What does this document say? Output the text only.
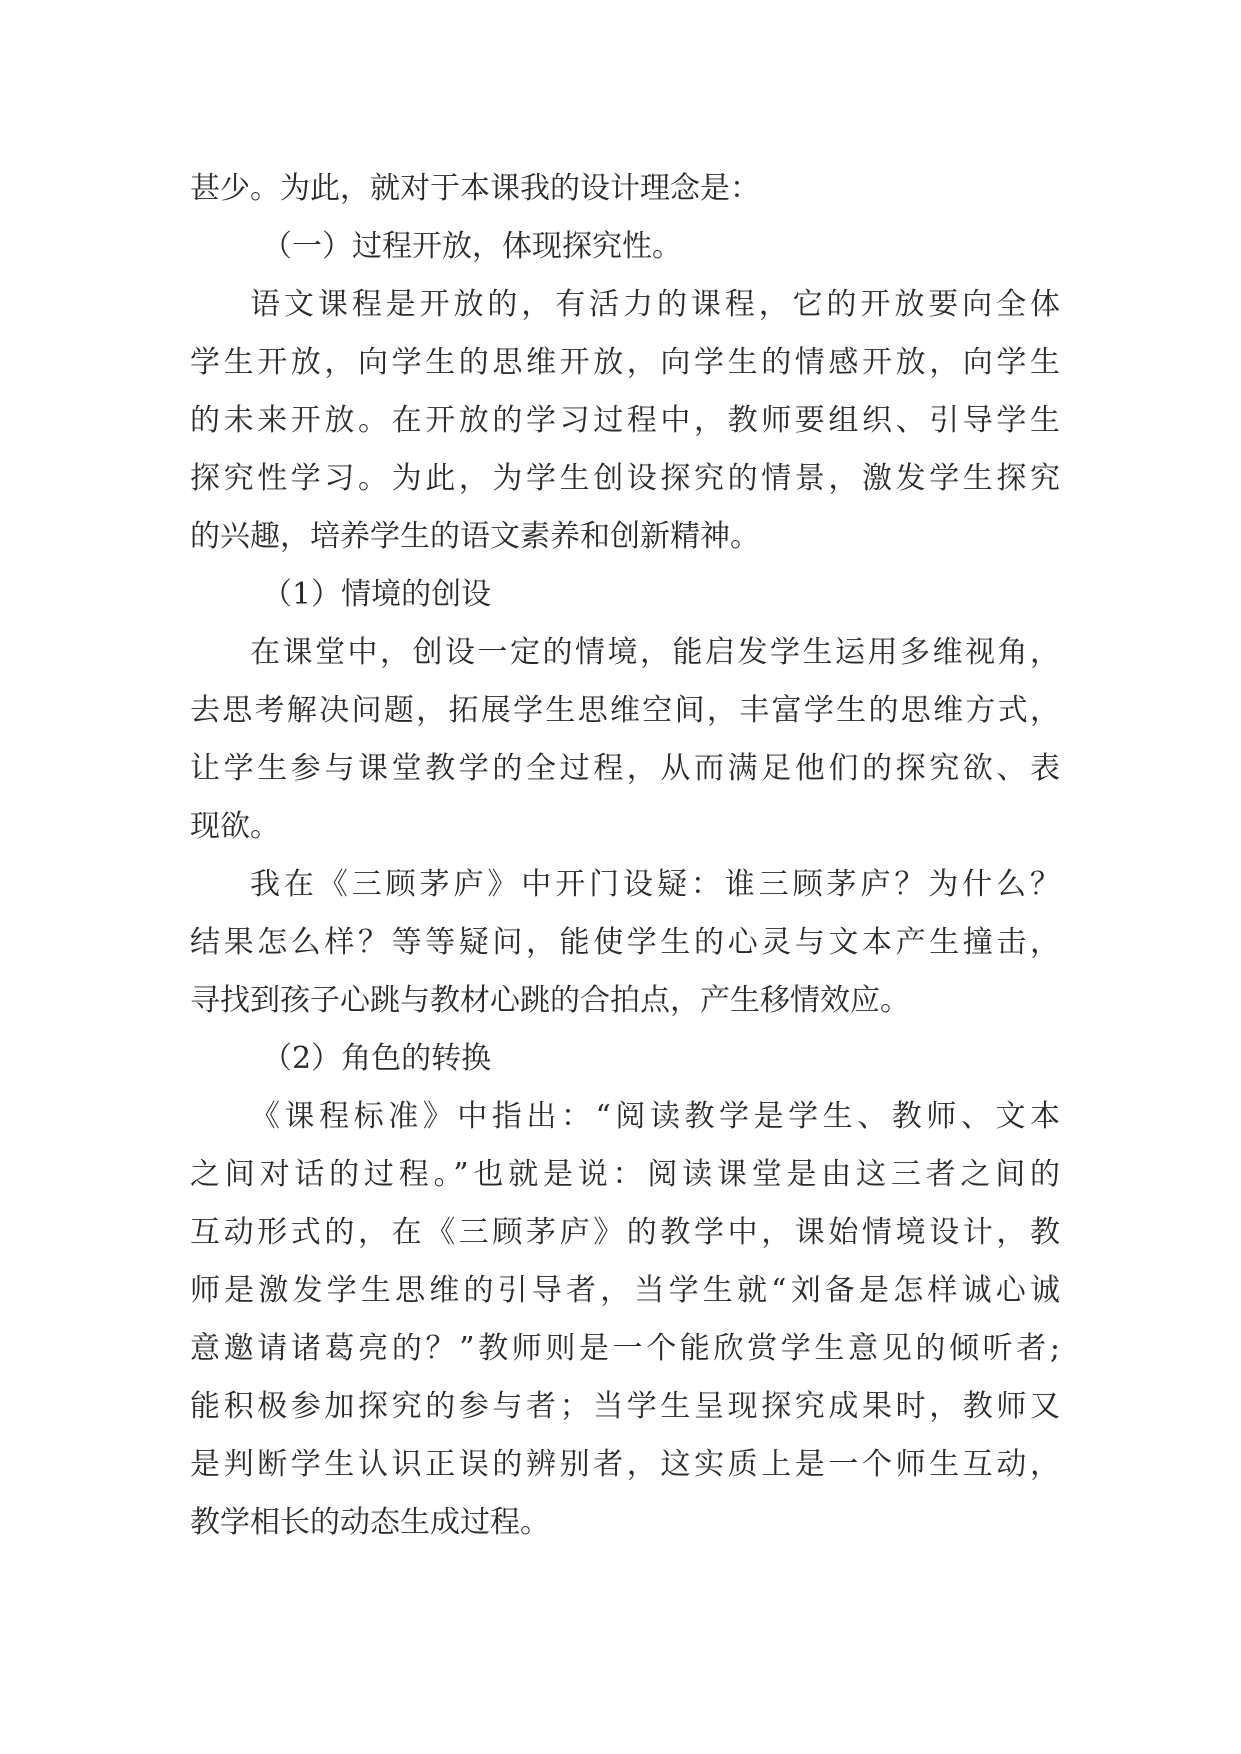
甚少。为此，就对于本课我的设计理念是：
（一）过程开放，体现探究性。
语文课程是开放的，有活力的课程，它的开放要向全体
学生开放，向学生的思维开放，向学生的情感开放，向学生
的未来开放。在开放的学习过程中，教师要组织、引导学生
探究性学习。为此，为学生创设探究的情景，激发学生探究
的兴趣，培养学生的语文素养和创新精神。
（1）情境的创设
在课堂中，创设一定的情境，能启发学生运用多维视角，
去思考解决问题，拓展学生思维空间，丰富学生的思维方式，
让学生参与课堂教学的全过程，从而满足他们的探究欲、表
现欲。
我在《三顾茅庐》中开门设疑：谁三顾茅庐？为什么？
结果怎么样？等等疑问，能使学生的心灵与文本产生撞击，
寻找到孩子心跳与教材心跳的合拍点，产生移情效应。
（2）角色的转换
《课程标准》中指出：“阅读教学是学生、教师、文本
之间对话的过程。”也就是说：阅读课堂是由这三者之间的
互动形式的，在《三顾茅庐》的教学中，课始情境设计，教
师是激发学生思维的引导者，当学生就“刘备是怎样诚心诚
意邀请诸葛亮的？”教师则是一个能欣赏学生意见的倾听者;
能积极参加探究的参与者；当学生呈现探究成果时，教师又
是判断学生认识正误的辨别者，这实质上是一个师生互动，
教学相长的动态生成过程。
